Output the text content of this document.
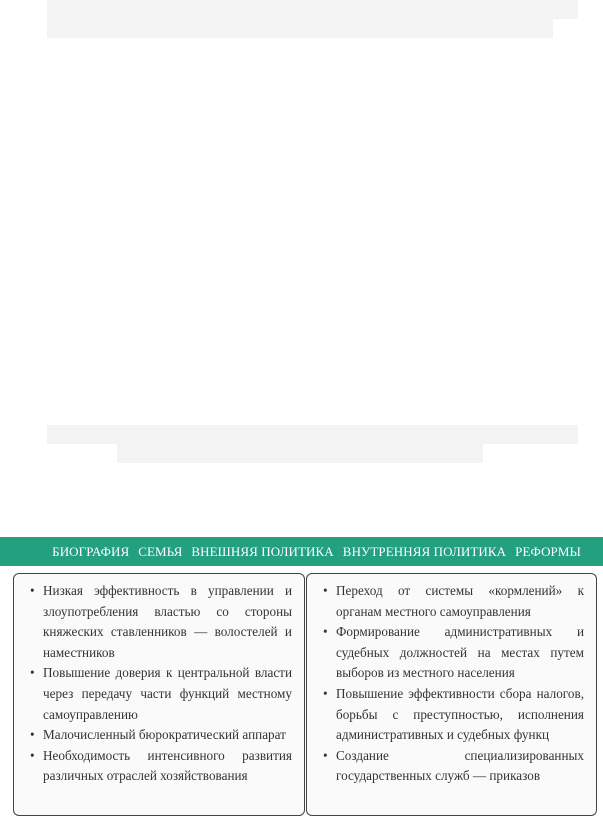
БИОГРАФИЯ СЕМЬЯ ВНЕШНЯЯ ПОЛИТИКА ВНУТРЕННЯЯ ПОЛИТИКА РЕФОРМЫ
• Низкая эффективность в управлении и злоупотребления властью со стороны княжеских ставленников — волостелей и наместников
• Повышение доверия к центральной власти через передачу части функций местному самоуправлению
• Малочисленный бюрократический аппарат
• Необходимость интенсивного развития различных отраслей хозяйствования
• Переход от системы «кормлений» к органам местного самоуправления
• Формирование административных и судебных должностей на местах путем выборов из местного населения
• Повышение эффективности сбора налогов, борьбы с преступностью, исполнения административных и судебных функц
• Создание специализированных государственных служб — приказов
